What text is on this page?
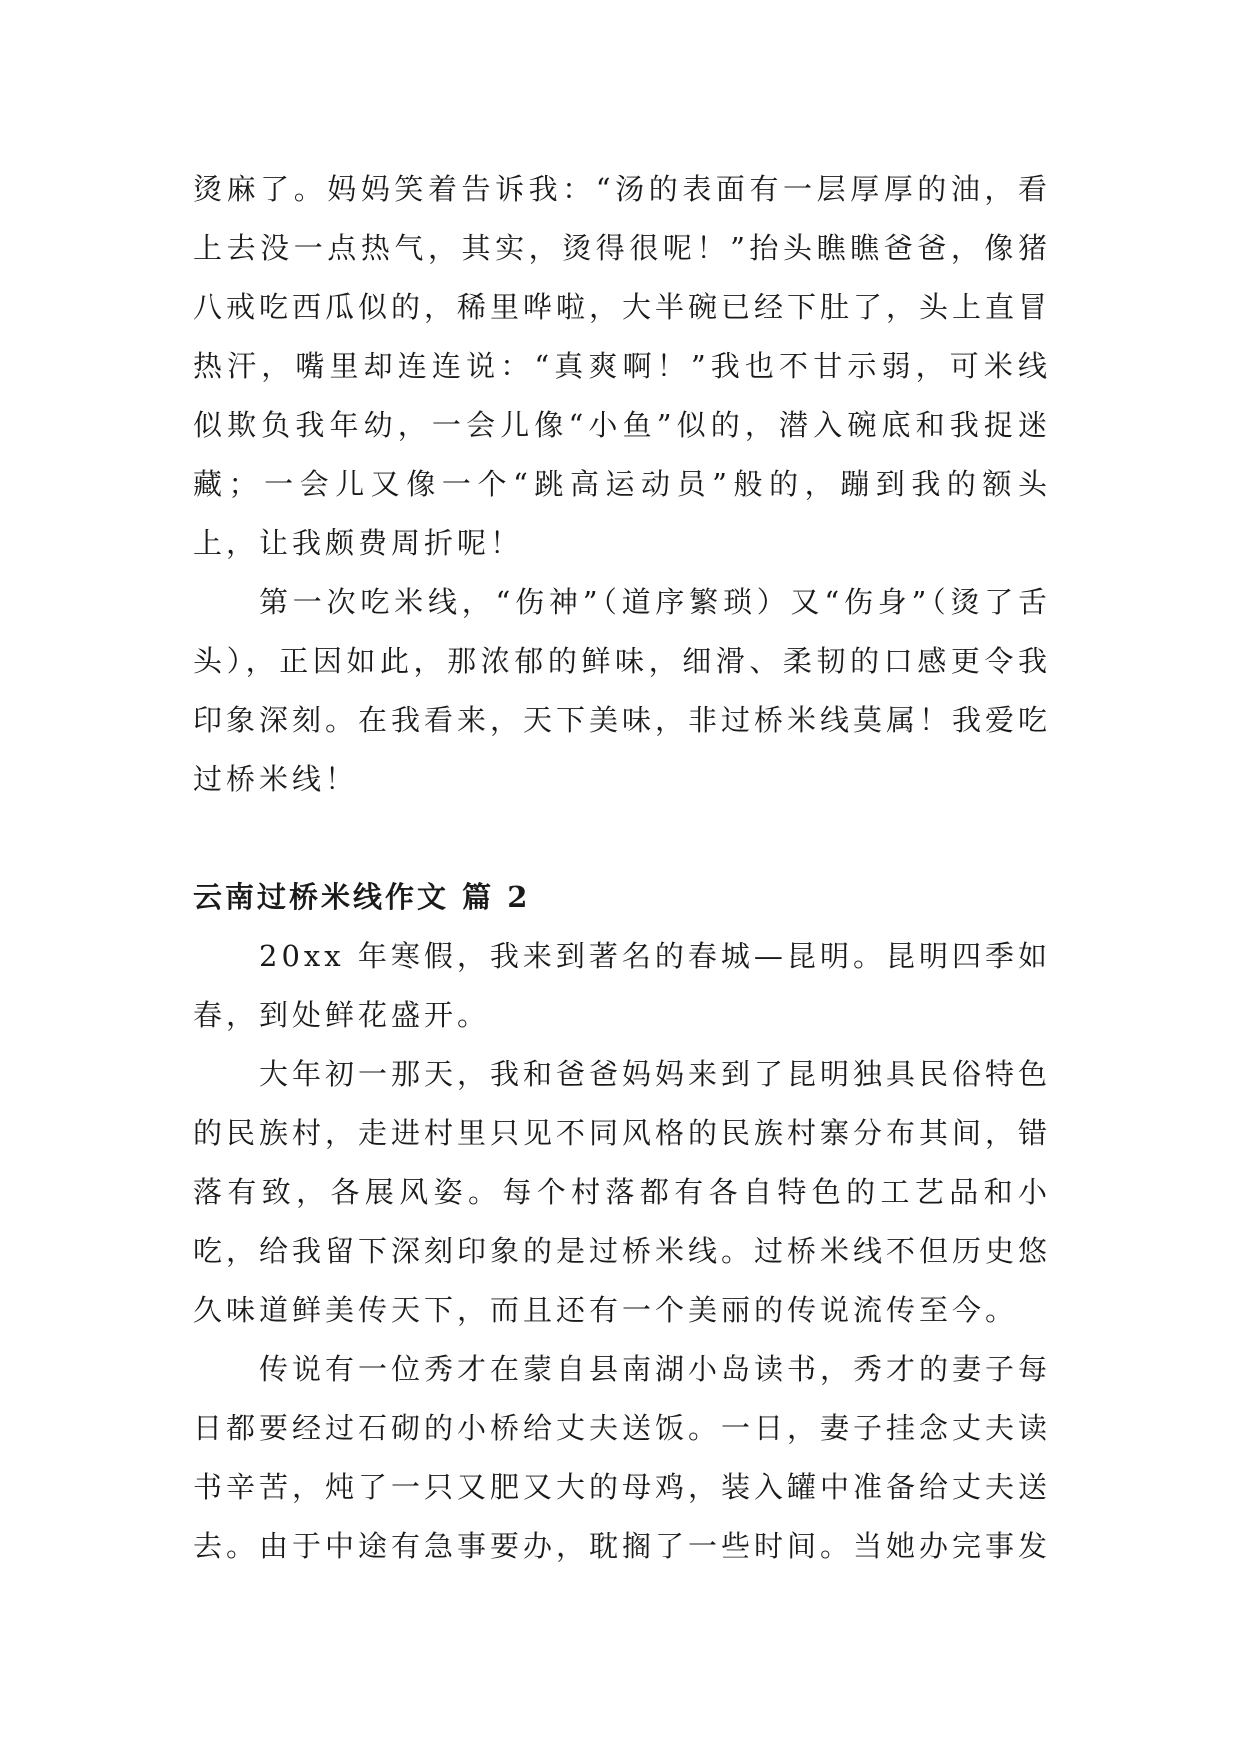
烫麻了。妈妈笑着告诉我：“汤的表面有一层厚厚的油，看上去没一点热气，其实，烫得很呢！”抬头瞧瞧爸爸，像猪八戒吃西瓜似的，稀里哗啦，大半碗已经下肚了，头上直冒热汗，嘴里却连连说：“真爽啊！”我也不甘示弱，可米线似欺负我年幼，一会儿像“小鱼”似的，潜入碗底和我捉迷藏；一会儿又像一个“跳高运动员”般的，蹦到我的额头上，让我颇费周折呢！

第一次吃米线，“伤神”（道序繁琐）又“伤身”（烫了舌头），正因如此，那浓郁的鲜味，细滑、柔韧的口感更令我印象深刻。在我看来，天下美味，非过桥米线莫属！我爱吃过桥米线！

云南过桥米线作文 篇 2

20xx 年寒假，我来到著名的春城—昆明。昆明四季如春，到处鲜花盛开。

大年初一那天，我和爸爸妈妈来到了昆明独具民俗特色的民族村，走进村里只见不同风格的民族村寨分布其间，错落有致，各展风姿。每个村落都有各自特色的工艺品和小吃，给我留下深刻印象的是过桥米线。过桥米线不但历史悠久味道鲜美传天下，而且还有一个美丽的传说流传至今。

传说有一位秀才在蒙自县南湖小岛读书，秀才的妻子每日都要经过石砌的小桥给丈夫送饭。一日，妻子挂念丈夫读书辛苦，炖了一只又肥又大的母鸡，装入罐中准备给丈夫送去。由于中途有急事要办，耽搁了一些时间。当她办完事发
